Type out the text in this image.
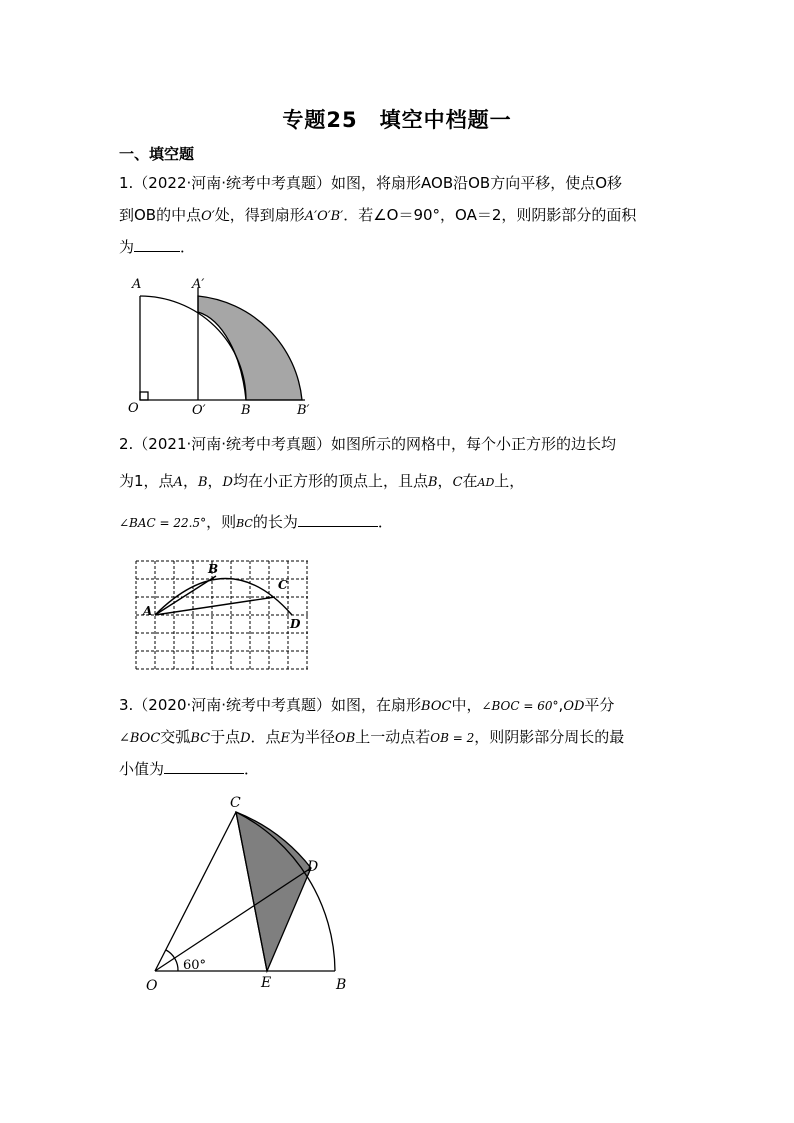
专题25　填空中档题一
一、填空题
1.（2022·河南·统考中考真题）如图，将扇形AOB沿OB方向平移，使点O移
到OB的中点O′处，得到扇形A′O′B′．若∠O＝90°，OA＝2，则阴影部分的面积
为	．
A	A′
O	O′	B	B′
2.（2021·河南·统考中考真题）如图所示的网格中，每个小正方形的边长均
为1，点A，B，D均在小正方形的顶点上，且点B，C在AD上，
∠BAC = 22.5°，则BC的长为	．
A
B
C
D
3.（2020·河南·统考中考真题）如图，在扇形BOC中，∠BOC = 60°,OD平分
∠BOC交弧BC于点D．点E为半径OB上一动点若OB = 2，则阴影部分周长的最
小值为	．
C
D
O	E	B
60°
